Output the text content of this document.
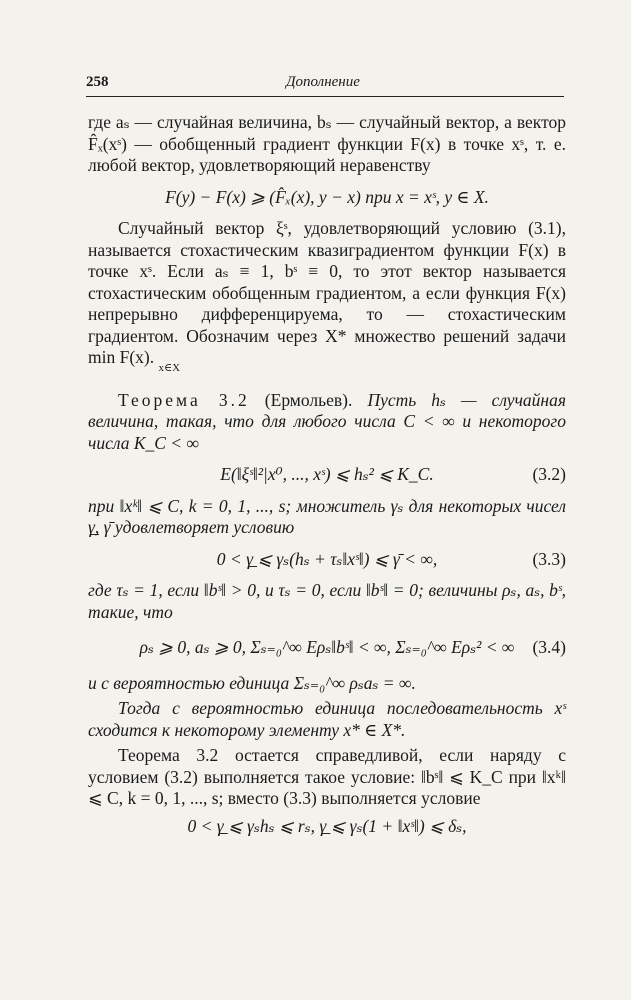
258	Дополнение

где aₛ — случайная величина, bₛ — случайный вектор, а вектор F̂ₓ(xˢ) — обобщенный градиент функции F(x) в точке xˢ, т. е. любой вектор, удовлетворяющий неравенству

F(y) − F(x) ⩾ (F̂ₓ(x), y − x) при x = xˢ, y ∈ X.

Случайный вектор ξˢ, удовлетворяющий условию (3.1), называется стохастическим квазиградиентом функции F(x) в точке xˢ. Если aₛ ≡ 1, bˢ ≡ 0, то этот вектор называется стохастическим обобщенным градиентом, а если функция F(x) непрерывно дифференцируема, то — стохастическим градиентом. Обозначим через X* множество решений задачи min F(x). $_{x\in X}$

Теорема 3.2 (Ермольев). Пусть hₛ — случайная величина, такая, что для любого числа C < ∞ и некоторого числа K_C < ∞

E(‖ξˢ‖²|x⁰, ..., xˢ) ⩽ hₛ² ⩽ K_C.	(3.2)

при ‖xᵏ‖ ⩽ C, k = 0, 1, ..., s; множитель γₛ для некоторых чисел γ̲, γ̄ удовлетворяет условию

0 < γ̲ ⩽ γₛ(hₛ + τₛ‖xˢ‖) ⩽ γ̄ < ∞,	(3.3)

где τₛ = 1, если ‖bˢ‖ > 0, и τₛ = 0, если ‖bˢ‖ = 0; величины ρₛ, aₛ, bˢ, такие, что

ρₛ ⩾ 0, aₛ ⩾ 0, Σₛ₌₀^∞ Eρₛ‖bˢ‖ < ∞, Σₛ₌₀^∞ Eρₛ² < ∞ (3.4)

и с вероятностью единица Σₛ₌₀^∞ ρₛaₛ = ∞.

Тогда с вероятностью единица последовательность xˢ сходится к некоторому элементу x* ∈ X*.

Теорема 3.2 остается справедливой, если наряду с условием (3.2) выполняется такое условие: ‖bˢ‖ ⩽ K_C при ‖xᵏ‖ ⩽ C, k = 0, 1, ..., s; вместо (3.3) выполняется условие

0 < γ̲ ⩽ γₛhₛ ⩽ rₛ, γ̲ ⩽ γₛ(1 + ‖xˢ‖) ⩽ δₛ,
